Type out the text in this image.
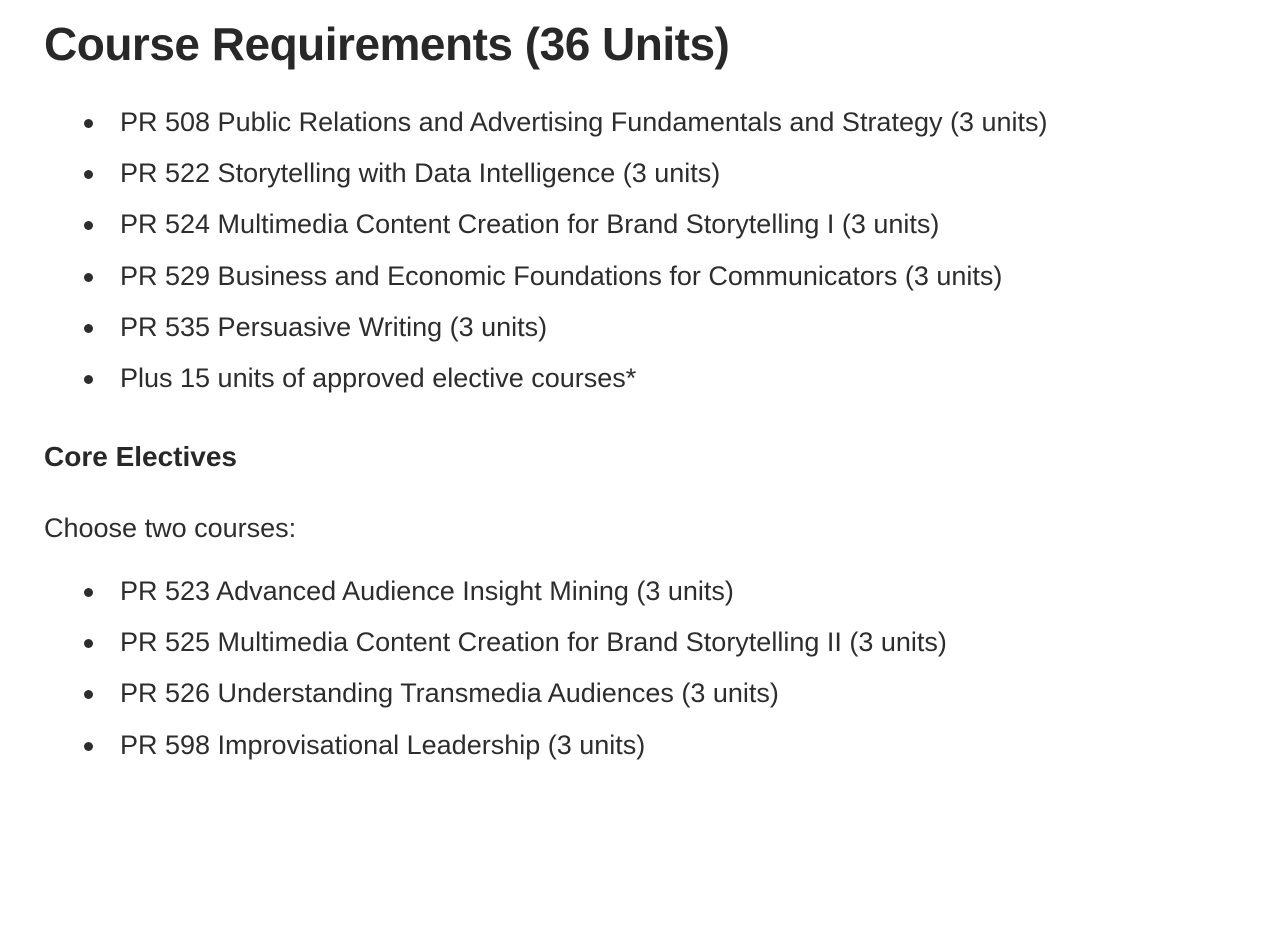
Course Requirements (36 Units)
PR 508 Public Relations and Advertising Fundamentals and Strategy (3 units)
PR 522 Storytelling with Data Intelligence (3 units)
PR 524 Multimedia Content Creation for Brand Storytelling I (3 units)
PR 529 Business and Economic Foundations for Communicators (3 units)
PR 535 Persuasive Writing (3 units)
Plus 15 units of approved elective courses*
Core Electives

Choose two courses:

PR 523 Advanced Audience Insight Mining (3 units)
PR 525 Multimedia Content Creation for Brand Storytelling II (3 units)
PR 526 Understanding Transmedia Audiences (3 units)
PR 598 Improvisational Leadership (3 units)
